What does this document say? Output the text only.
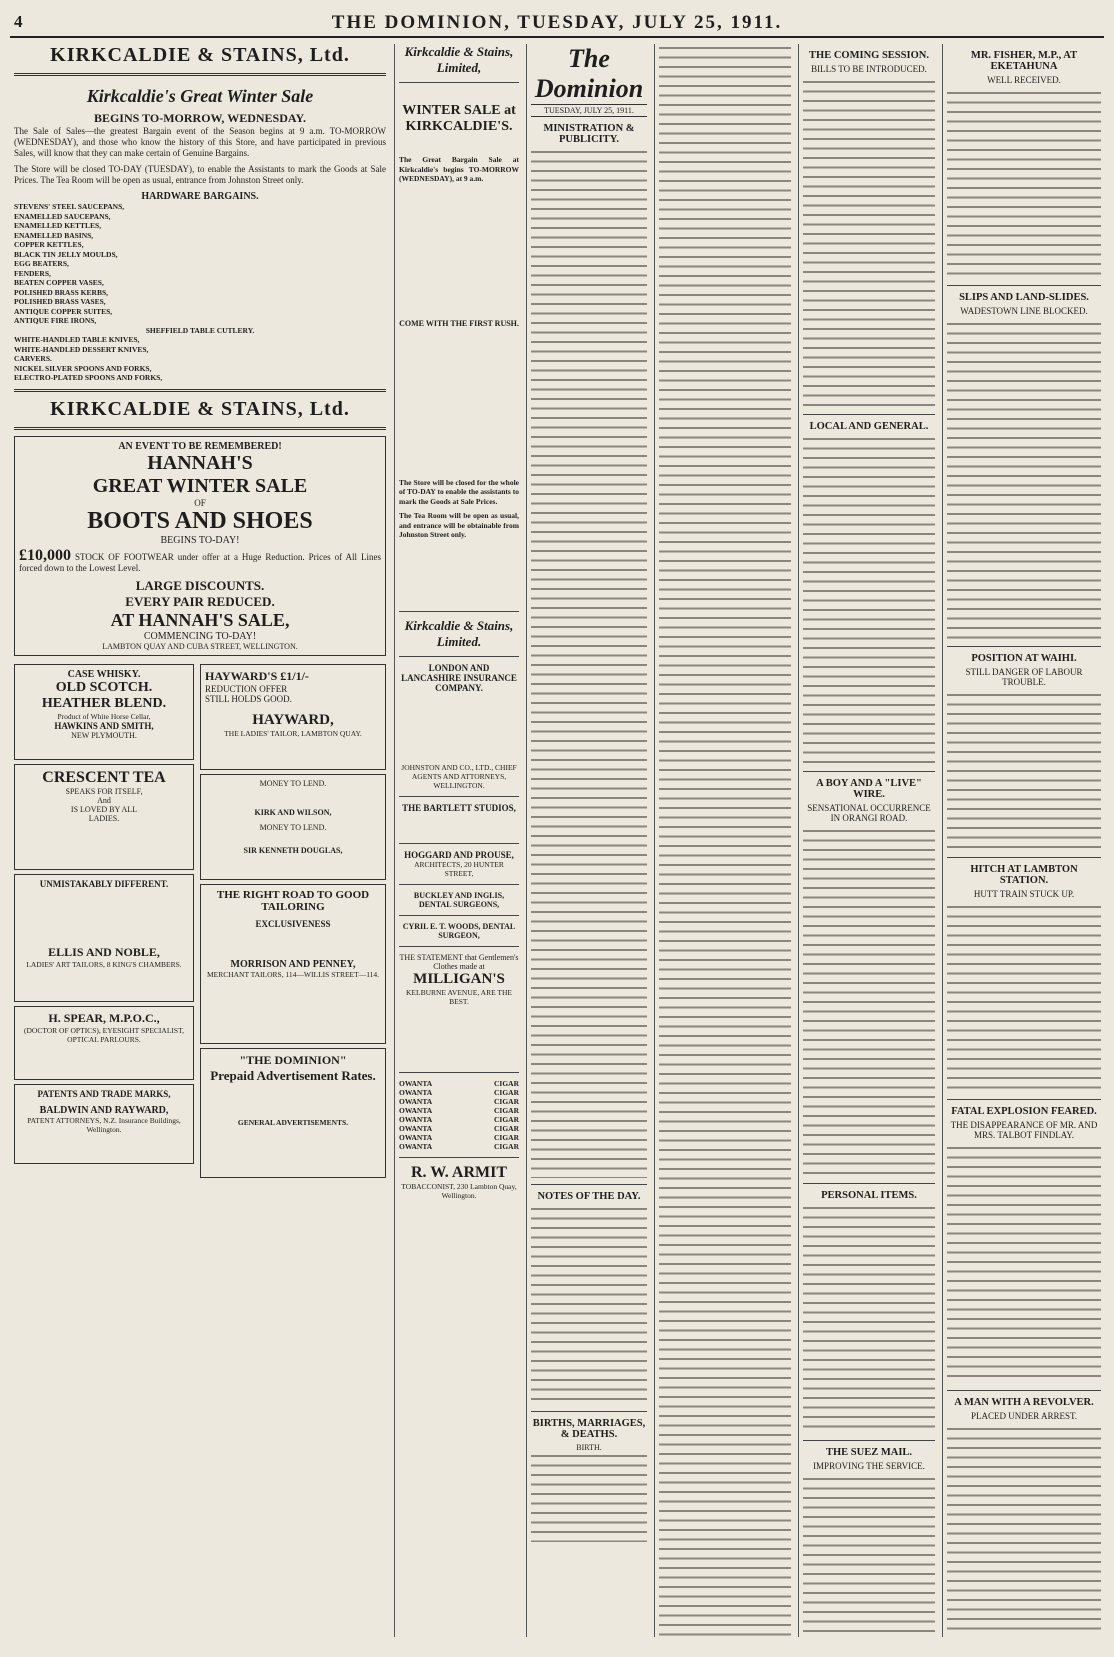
4	THE DOMINION, TUESDAY, JULY 25, 1911.
KIRKCALDIE & STAINS, Ltd.
Kirkcaldie's Great Winter Sale
BEGINS TO-MORROW, WEDNESDAY.

The Sale of Sales—the greatest Bargain event of the Season begins at 9 a.m. TO-MORROW (WEDNESDAY), and those who know the history of this Store, and have participated in previous Sales, will know that they can make certain of Genuine Bargains.

The Store will be closed TO-DAY (TUESDAY), to enable the Assistants to mark the Goods at Sale Prices. The Tea Room will be open as usual, entrance from Johnston Street only.

HARDWARE BARGAINS.
STEVENS' STEEL SAUCEPANS,
ENAMELLED SAUCEPANS,
ENAMELLED KETTLES,
ENAMELLED BASINS,
COPPER KETTLES,
BLACK TIN JELLY MOULDS,
EGG BEATERS,
FENDERS,
BEATEN COPPER VASES,
POLISHED BRASS KERBS,
POLISHED BRASS VASES,
ANTIQUE COPPER SUITES,
ANTIQUE FIRE IRONS,
SHEFFIELD TABLE CUTLERY.
WHITE-HANDLED TABLE KNIVES,
WHITE-HANDLED DESSERT KNIVES,
CARVERS.
NICKEL SILVER SPOONS AND FORKS,
ELECTRO-PLATED SPOONS AND FORKS,
KIRKCALDIE & STAINS, Ltd.
AN EVENT TO BE REMEMBERED!
HANNAH'S
GREAT WINTER SALE
OF
BOOTS AND SHOES
BEGINS TO-DAY!
£10,000 STOCK OF FOOTWEAR under offer at a Huge Reduction. Prices of All Lines forced down to the Lowest Level.
LARGE DISCOUNTS.
EVERY PAIR REDUCED.
AT HANNAH'S SALE,
COMMENCING TO-DAY!
LAMBTON QUAY AND CUBA STREET, WELLINGTON.
CASE WHISKY.
OLD SCOTCH.
HEATHER BLEND.
Product of White Horse Cellar,
HAWKINS AND SMITH,
NEW PLYMOUTH.
CRESCENT TEA
SPEAKS FOR ITSELF,
And
IS LOVED BY ALL
LADIES.
UNMISTAKABLY DIFFERENT.
ELLIS AND NOBLE,
LADIES' ART TAILORS, 8 KING'S CHAMBERS.
H. SPEAR, M.P.O.C.,
(DOCTOR OF OPTICS), EYESIGHT SPECIALIST, OPTICAL PARLOURS.
PATENTS AND TRADE MARKS,
BALDWIN AND RAYWARD,
PATENT ATTORNEYS, N.Z. Insurance Buildings, Wellington.
HAYWARD'S £1/1/-
REDUCTION OFFER
STILL HOLDS GOOD.
HAYWARD,
THE LADIES' TAILOR, LAMBTON QUAY.
MONEY TO LEND.
KIRK AND WILSON,
MONEY TO LEND.
SIR KENNETH DOUGLAS,
THE RIGHT ROAD TO GOOD TAILORING
EXCLUSIVENESS
MORRISON AND PENNEY,
MERCHANT TAILORS, 114—WILLIS STREET—114.
"THE DOMINION"
Prepaid Advertisement Rates.
GENERAL ADVERTISEMENTS.
Kirkcaldie & Stains, Limited,
WINTER SALE at KIRKCALDIE'S.

The Great Bargain Sale at Kirkcaldie's begins TO-MORROW (WEDNESDAY), at 9 a.m.

COME WITH THE FIRST RUSH.

The Store will be closed for the whole of TO-DAY to enable the assistants to mark the Goods at Sale Prices.

The Tea Room will be open as usual, and entrance will be obtainable from Johnston Street only.

Kirkcaldie & Stains, Limited.
LONDON AND LANCASHIRE INSURANCE COMPANY.
JOHNSTON AND CO., LTD., CHIEF AGENTS AND ATTORNEYS, WELLINGTON.
THE BARTLETT STUDIOS,
HOGGARD AND PROUSE,
ARCHITECTS, 20 HUNTER STREET,
BUCKLEY AND INGLIS, DENTAL SURGEONS,
CYRIL E. T. WOODS, DENTAL SURGEON,
THE STATEMENT that Gentlemen's Clothes made at
MILLIGAN'S
KELBURNE AVENUE, ARE THE BEST.
OWANTA
OWANTA
OWANTA
OWANTA
OWANTA
OWANTA
OWANTA
OWANTA
CIGAR
CIGAR
CIGAR
CIGAR
CIGAR
CIGAR
CIGAR
CIGAR
R. W. ARMIT
TOBACCONIST, 230 Lambton Quay, Wellington.
The Dominion
TUESDAY, JULY 25, 1911.
MINISTRATION & PUBLICITY.
NOTES OF THE DAY.
BIRTHS, MARRIAGES, & DEATHS.
BIRTH.
THE COMING SESSION.
BILLS TO BE INTRODUCED.
LOCAL AND GENERAL.
A BOY AND A "LIVE" WIRE.
SENSATIONAL OCCURRENCE IN ORANGI ROAD.
PERSONAL ITEMS.
THE SUEZ MAIL.
IMPROVING THE SERVICE.
MR. FISHER, M.P., AT EKETAHUNA
WELL RECEIVED.
SLIPS AND LAND-SLIDES.
WADESTOWN LINE BLOCKED.
POSITION AT WAIHI.
STILL DANGER OF LABOUR TROUBLE.
HITCH AT LAMBTON STATION.
HUTT TRAIN STUCK UP.
FATAL EXPLOSION FEARED.
THE DISAPPEARANCE OF MR. AND MRS. TALBOT FINDLAY.
A MAN WITH A REVOLVER.
PLACED UNDER ARREST.
